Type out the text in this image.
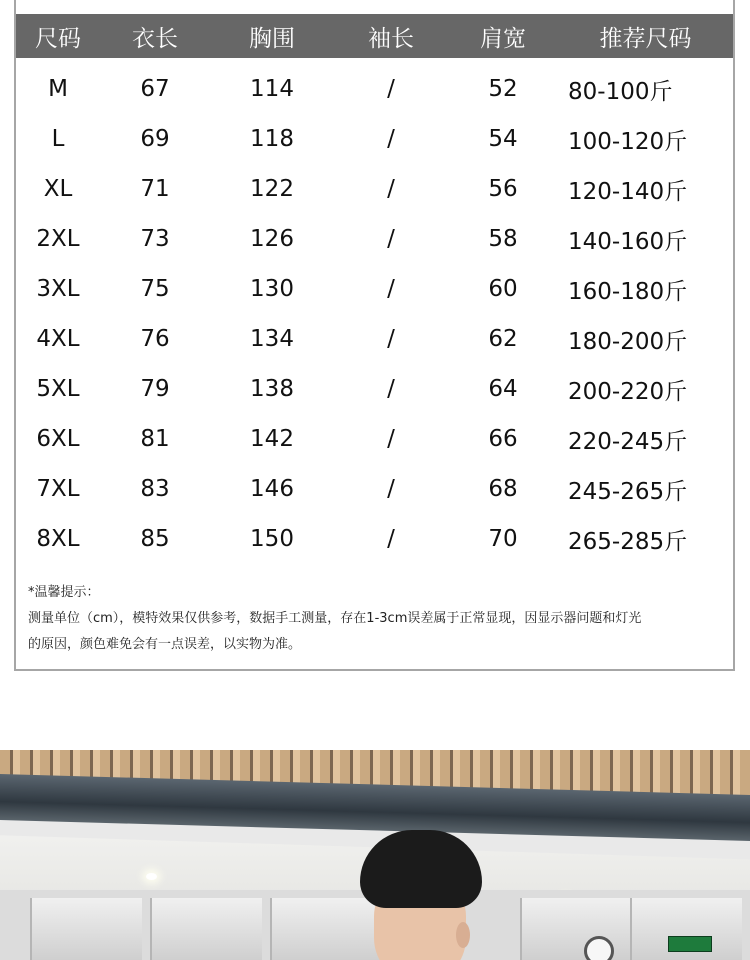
尺码	衣长	胸围	袖长	肩宽	推荐尺码
M	67	114	/	52	80-100斤
L	69	118	/	54	100-120斤
XL	71	122	/	56	120-140斤
2XL	73	126	/	58	140-160斤
3XL	75	130	/	60	160-180斤
4XL	76	134	/	62	180-200斤
5XL	79	138	/	64	200-220斤
6XL	81	142	/	66	220-245斤
7XL	83	146	/	68	245-265斤
8XL	85	150	/	70	265-285斤
*温馨提示：
测量单位（cm），模特效果仅供参考，数据手工测量，存在1-3cm误差属于正常显现，因显示器问题和灯光
的原因，颜色难免会有一点误差，以实物为准。
